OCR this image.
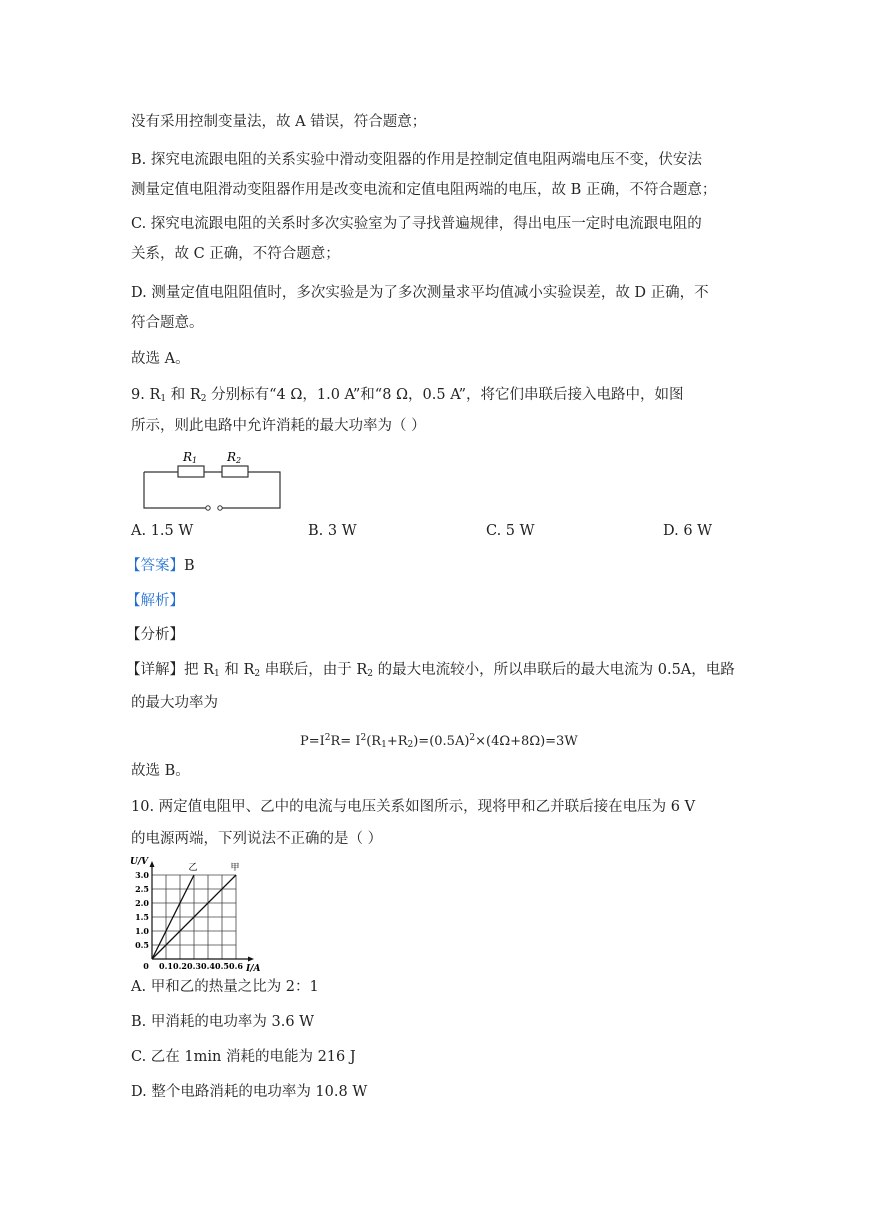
没有采用控制变量法，故 A 错误，符合题意；
B. 探究电流跟电阻的关系实验中滑动变阻器的作用是控制定值电阻两端电压不变，伏安法
测量定值电阻滑动变阻器作用是改变电流和定值电阻两端的电压，故 B 正确，不符合题意；
C. 探究电流跟电阻的关系时多次实验室为了寻找普遍规律，得出电压一定时电流跟电阻的
关系，故 C 正确，不符合题意；
D. 测量定值电阻阻值时，多次实验是为了多次测量求平均值减小实验误差，故 D 正确，不
符合题意。
故选 A。
9. $R_1$ 和 $R_2$ 分别标有“4 Ω，1.0 A”和“8 Ω，0.5 A”，将它们串联后接入电路中，如图
所示，则此电路中允许消耗的最大功率为（ ）
R1 R2
A. 1.5 W	B. 3 W	C. 5 W	D. 6 W
【答案】B
【解析】
【分析】
【详解】把 $R_1$ 和 $R_2$ 串联后，由于 $R_2$ 的最大电流较小，所以串联后的最大电流为 0.5A，电路
的最大功率为
$P=I^2R= I^2(R_1+R_2)=(0.5A)^2\times(4\Omega+8\Omega)=3W$
故选 B。
10. 两定值电阻甲、乙中的电流与电压关系如图所示，现将甲和乙并联后接在电压为 6 V
的电源两端，下列说法不正确的是（ ）
0.1 0.2 0.3 0.4 0.5 0.6
0.5
1.0
1.5
2.0
2.5
3.0
0
U/V
I/A
乙	甲
A. 甲和乙的热量之比为 2：1
B. 甲消耗的电功率为 3.6 W
C. 乙在 1min 消耗的电能为 216 J
D. 整个电路消耗的电功率为 10.8 W
